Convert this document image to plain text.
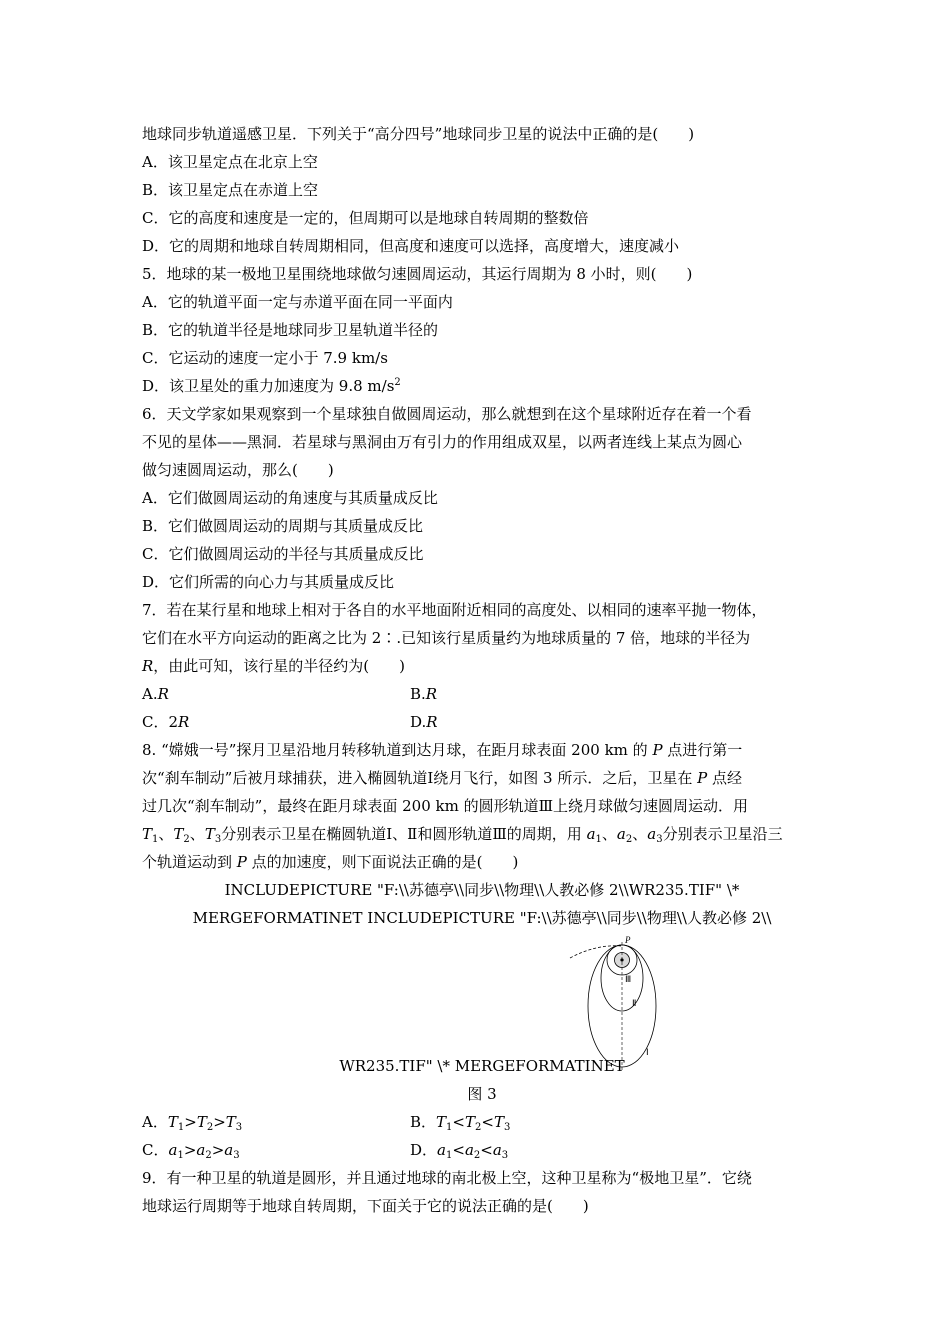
地球同步轨道遥感卫星．下列关于“高分四号”地球同步卫星的说法中正确的是(　　)
A．该卫星定点在北京上空
B．该卫星定点在赤道上空
C．它的高度和速度是一定的，但周期可以是地球自转周期的整数倍
D．它的周期和地球自转周期相同，但高度和速度可以选择，高度增大，速度减小
5．地球的某一极地卫星围绕地球做匀速圆周运动，其运行周期为 8 小时，则(　　)
A．它的轨道平面一定与赤道平面在同一平面内
B．它的轨道半径是地球同步卫星轨道半径的
C．它运动的速度一定小于 7.9 km/s
D．该卫星处的重力加速度为 9.8 $m/s^2$
6．天文学家如果观察到一个星球独自做圆周运动，那么就想到在这个星球附近存在着一个看
不见的星体——黑洞．若星球与黑洞由万有引力的作用组成双星，以两者连线上某点为圆心
做匀速圆周运动，那么(　　)
A．它们做圆周运动的角速度与其质量成反比
B．它们做圆周运动的周期与其质量成反比
C．它们做圆周运动的半径与其质量成反比
D．它们所需的向心力与其质量成反比
7．若在某行星和地球上相对于各自的水平地面附近相同的高度处、以相同的速率平抛一物体，
它们在水平方向运动的距离之比为 2∶.已知该行星质量约为地球质量的 7 倍，地球的半径为
R，由此可知，该行星的半径约为(　　)
A.R	B.R
C．2R	D.R
8. “嫦娥一号”探月卫星沿地月转移轨道到达月球，在距月球表面 200 km 的 P 点进行第一
次“刹车制动”后被月球捕获，进入椭圆轨道Ⅰ绕月飞行，如图 3 所示．之后，卫星在 P 点经
过几次“刹车制动”，最终在距月球表面 200 km 的圆形轨道Ⅲ上绕月球做匀速圆周运动．用
$T_1$、$T_2$、$T_3$分别表示卫星在椭圆轨道Ⅰ、Ⅱ和圆形轨道Ⅲ的周期，用 $a_1$、$a_2$、$a_3$分别表示卫星沿三
个轨道运动到 P 点的加速度，则下面说法正确的是(　　)
INCLUDEPICTURE "F:\\苏德亭\\同步\\物理\\人教必修 2\\WR235.TIF" \*
MERGEFORMATINET INCLUDEPICTURE "F:\\苏德亭\\同步\\物理\\人教必修 2\\
P
Ⅲ
Ⅱ
Ⅰ
WR235.TIF" \* MERGEFORMATINET
图 3
A．$T_1>T_2>T_3$	B．$T_1<T_2<T_3$
C．$a_1>a_2>a_3$	D．$a_1<a_2<a_3$
9．有一种卫星的轨道是圆形，并且通过地球的南北极上空，这种卫星称为“极地卫星”．它绕
地球运行周期等于地球自转周期，下面关于它的说法正确的是(　　)
